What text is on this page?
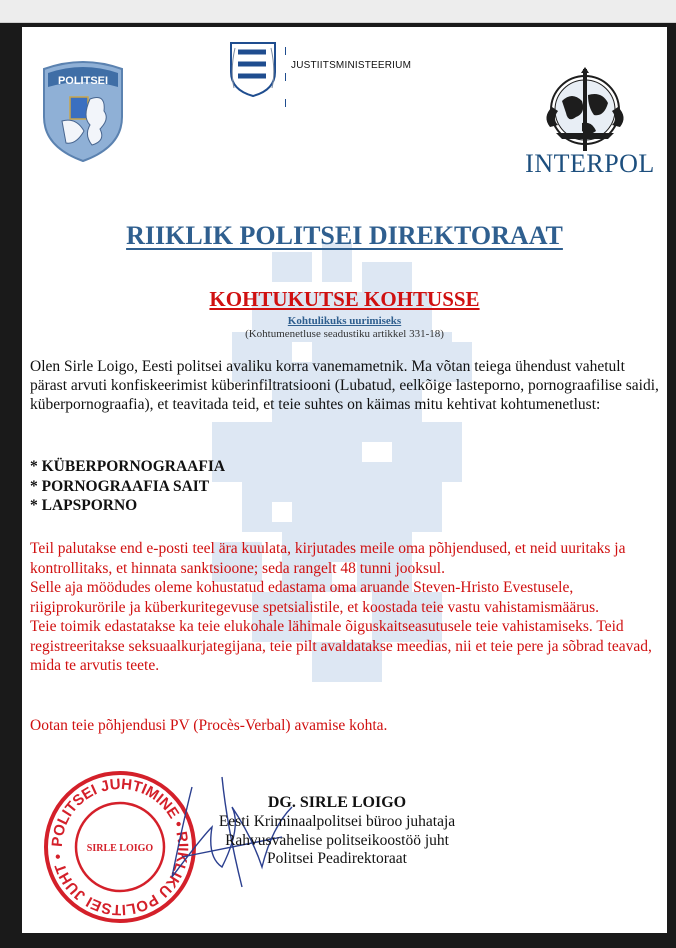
POLITSEI
JUSTIITSMINISTEERIUM
INTERPOL
RIIKLIK POLITSEI DIREKTORAAT
KOHTUKUTSE KOHTUSSE
Kohtulikuks uurimiseks
(Kohtumenetluse seadustiku artikkel 331-18)
Olen Sirle Loigo, Eesti politsei avaliku korra vanemametnik. Ma võtan teiega ühendust vahetult pärast arvuti konfiskeerimist küberinfiltratsiooni (Lubatud, eelkõige lasteporno, pornograafilise saidi, küberpornograafia), et teavitada teid, et teie suhtes on käimas mitu kehtivat kohtumenetlust:
* KÜBERPORNOGRAAFIA
* PORNOGRAAFIA SAIT
* LAPSPORNO
Teil palutakse end e-posti teel ära kuulata, kirjutades meile oma põhjendused, et neid uuritaks ja kontrollitaks, et hinnata sanktsioone; seda rangelt 48 tunni jooksul.
Selle aja möödudes oleme kohustatud edastama oma aruande Steven-Hristo Evestusele, riigiprokurörile ja küberkuritegevuse spetsialistile, et koostada teie vastu vahistamismäärus.
Teie toimik edastatakse ka teie elukohale lähimale õiguskaitseasutusele teie vahistamiseks. Teid registreeritakse seksuaalkurjategijana, teie pilt avaldatakse meedias, nii et teie pere ja sõbrad teavad, mida te arvutis teete.
Ootan teie põhjendusi PV (Procès-Verbal) avamise kohta.
POLITSEI JUHTIMINE • RIIKLIKU POLITSEI JUHT •
SIRLE LOIGO
DG. SIRLE LOIGO
Eesti Kriminaalpolitsei büroo juhataja
Rahvusvahelise politseikoostöö juht
Politsei Peadirektoraat
